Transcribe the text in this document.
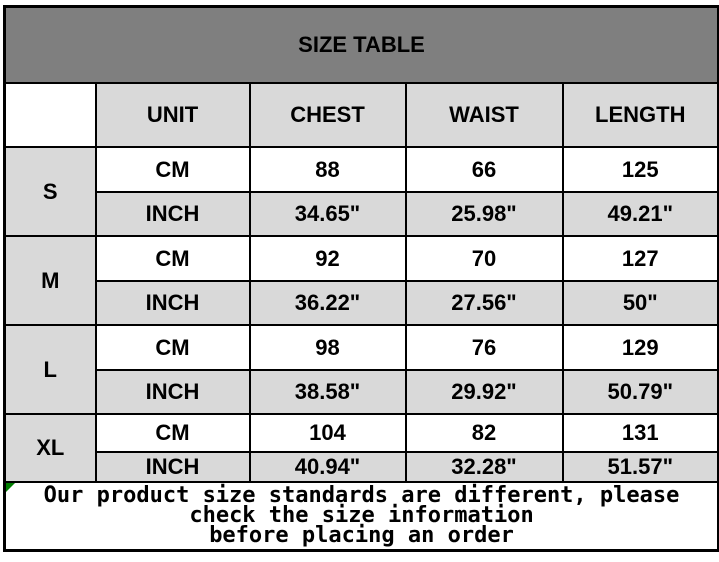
SIZE TABLE				
	UNIT	CHEST	WAIST	LENGTH
S	CM	88	66	125
	INCH	34.65"	25.98"	49.21"
M	CM	92	70	127
	INCH	36.22"	27.56"	50"
L	CM	98	76	129
	INCH	38.58"	29.92"	50.79"
XL	CM	104	82	131
	INCH	40.94"	32.28"	51.57"

Our product size standards are different, please check the size information
before placing an order				
